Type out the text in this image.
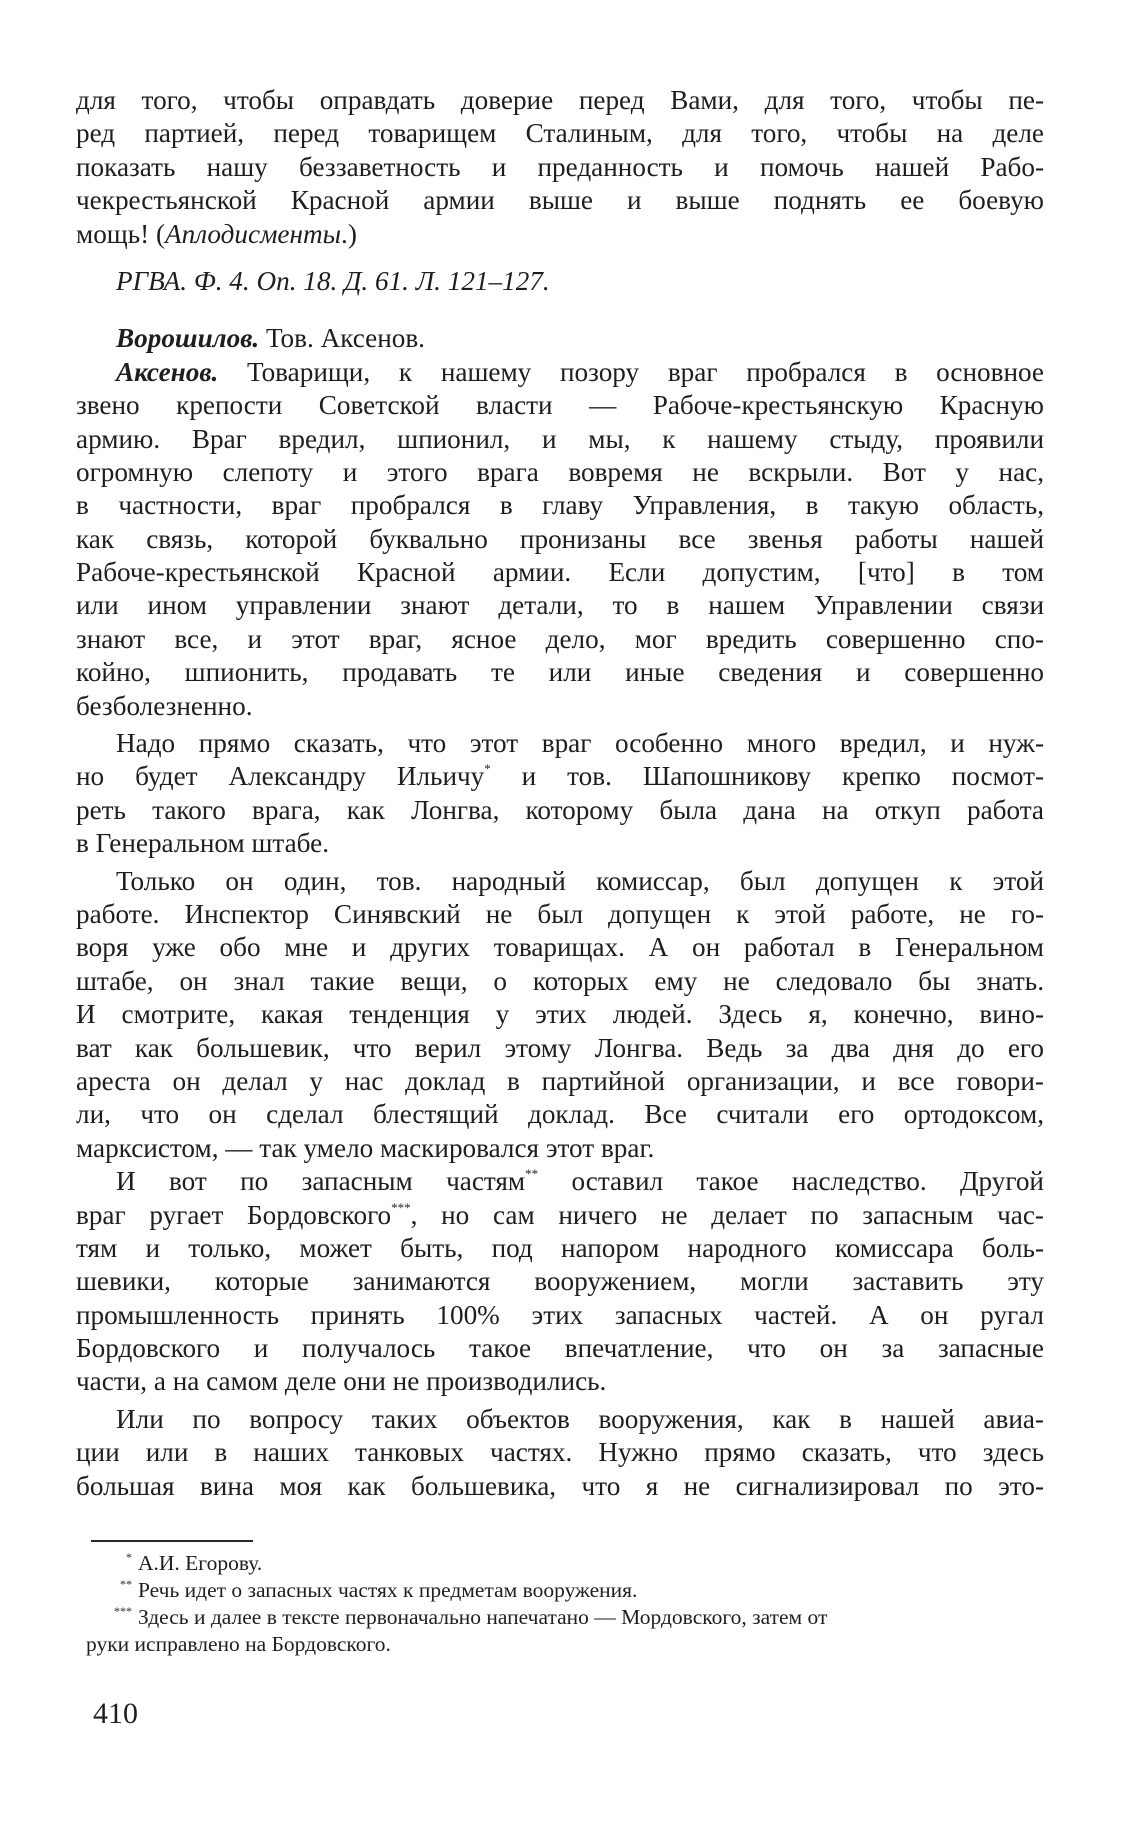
для того, чтобы оправдать доверие перед Вами, для того, чтобы пе-
ред партией, перед товарищем Сталиным, для того, чтобы на деле
показать нашу беззаветность и преданность и помочь нашей Рабо-
чекрестьянской Красной армии выше и выше поднять ее боевую
мощь! (Аплодисменты.)
РГВА. Ф. 4. Оп. 18. Д. 61. Л. 121–127.
Ворошилов. Тов. Аксенов.
Аксенов. Товарищи, к нашему позору враг пробрался в основное
звено крепости Советской власти — Рабоче-крестьянскую Красную
армию. Враг вредил, шпионил, и мы, к нашему стыду, проявили
огромную слепоту и этого врага вовремя не вскрыли. Вот у нас,
в частности, враг пробрался в главу Управления, в такую область,
как связь, которой буквально пронизаны все звенья работы нашей
Рабоче-крестьянской Красной армии. Если допустим, [что] в том
или ином управлении знают детали, то в нашем Управлении связи
знают все, и этот враг, ясное дело, мог вредить совершенно спо-
койно, шпионить, продавать те или иные сведения и совершенно
безболезненно.
Надо прямо сказать, что этот враг особенно много вредил, и нуж-
но будет Александру Ильичу* и тов. Шапошникову крепко посмот-
реть такого врага, как Лонгва, которому была дана на откуп работа
в Генеральном штабе.
Только он один, тов. народный комиссар, был допущен к этой
работе. Инспектор Синявский не был допущен к этой работе, не го-
воря уже обо мне и других товарищах. А он работал в Генеральном
штабе, он знал такие вещи, о которых ему не следовало бы знать.
И смотрите, какая тенденция у этих людей. Здесь я, конечно, вино-
ват как большевик, что верил этому Лонгва. Ведь за два дня до его
ареста он делал у нас доклад в партийной организации, и все говори-
ли, что он сделал блестящий доклад. Все считали его ортодоксом,
марксистом, — так умело маскировался этот враг.
И вот по запасным частям** оставил такое наследство. Другой
враг ругает Бордовского***, но сам ничего не делает по запасным час-
тям и только, может быть, под напором народного комиссара боль-
шевики, которые занимаются вооружением, могли заставить эту
промышленность принять 100% этих запасных частей. А он ругал
Бордовского и получалось такое впечатление, что он за запасные
части, а на самом деле они не производились.
Или по вопросу таких объектов вооружения, как в нашей авиа-
ции или в наших танковых частях. Нужно прямо сказать, что здесь
большая вина моя как большевика, что я не сигнализировал по это-
* А.И. Егорову.
** Речь идет о запасных частях к предметам вооружения.
*** Здесь и далее в тексте первоначально напечатано — Мордовского, затем от
руки исправлено на Бордовского.
410
